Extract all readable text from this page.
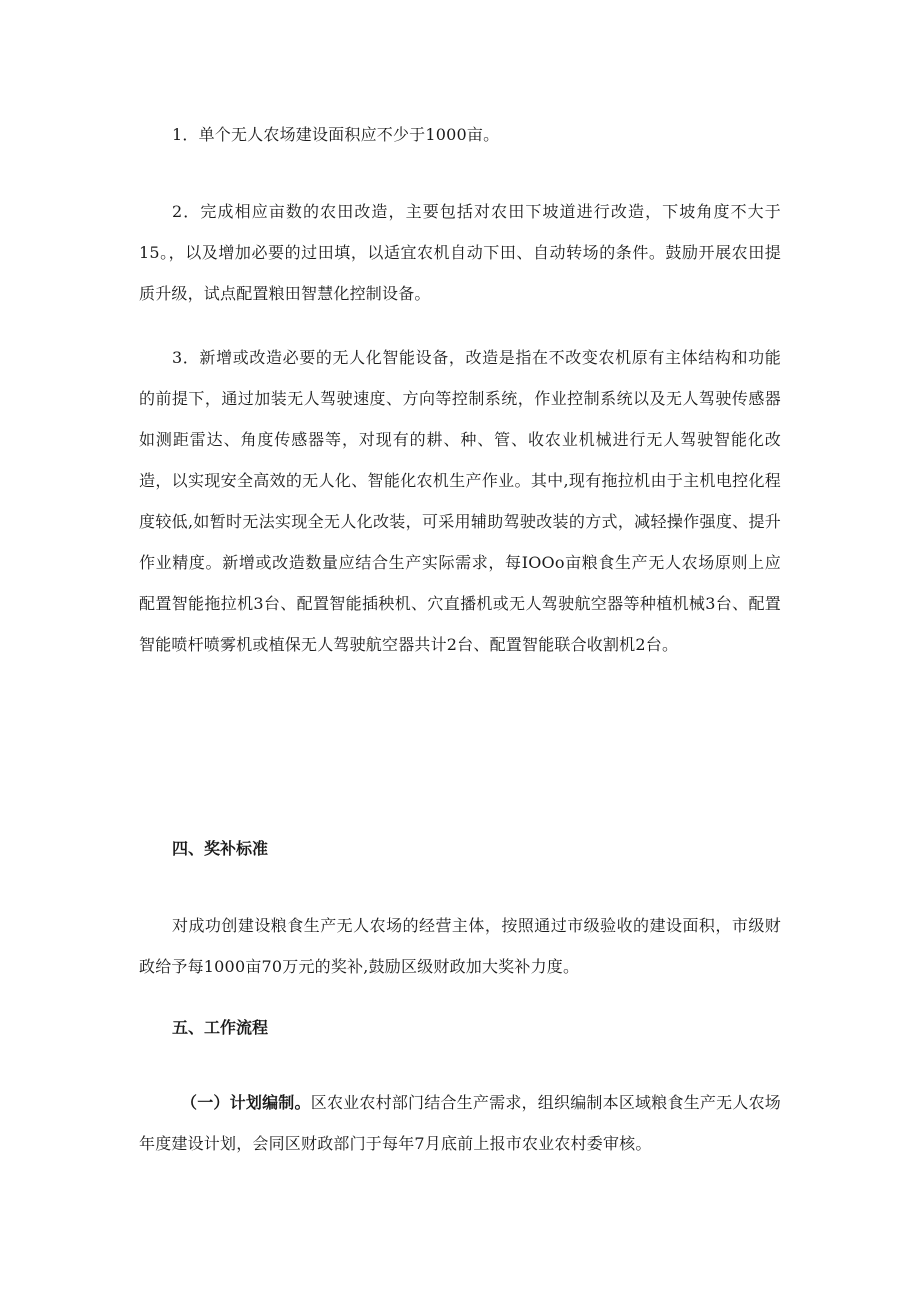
1．单个无人农场建设面积应不少于1000亩。

2．完成相应亩数的农田改造，主要包括对农田下坡道进行改造，下坡角度不大于15。，以及增加必要的过田填，以适宜农机自动下田、自动转场的条件。鼓励开展农田提质升级，试点配置粮田智慧化控制设备。

3．新增或改造必要的无人化智能设备，改造是指在不改变农机原有主体结构和功能的前提下，通过加装无人驾驶速度、方向等控制系统，作业控制系统以及无人驾驶传感器如测距雷达、角度传感器等，对现有的耕、种、管、收农业机械进行无人驾驶智能化改造，以实现安全高效的无人化、智能化农机生产作业。其中,现有拖拉机由于主机电控化程度较低,如暂时无法实现全无人化改装，可采用辅助驾驶改装的方式，减轻操作强度、提升作业精度。新增或改造数量应结合生产实际需求，每IOOo亩粮食生产无人农场原则上应配置智能拖拉机3台、配置智能插秧机、穴直播机或无人驾驶航空器等种植机械3台、配置智能喷杆喷雾机或植保无人驾驶航空器共计2台、配置智能联合收割机2台。

四、奖补标准

对成功创建设粮食生产无人农场的经营主体，按照通过市级验收的建设面积，市级财政给予每1000亩70万元的奖补,鼓励区级财政加大奖补力度。

五、工作流程

（一）计划编制。区农业农村部门结合生产需求，组织编制本区域粮食生产无人农场年度建设计划，会同区财政部门于每年7月底前上报市农业农村委审核。
